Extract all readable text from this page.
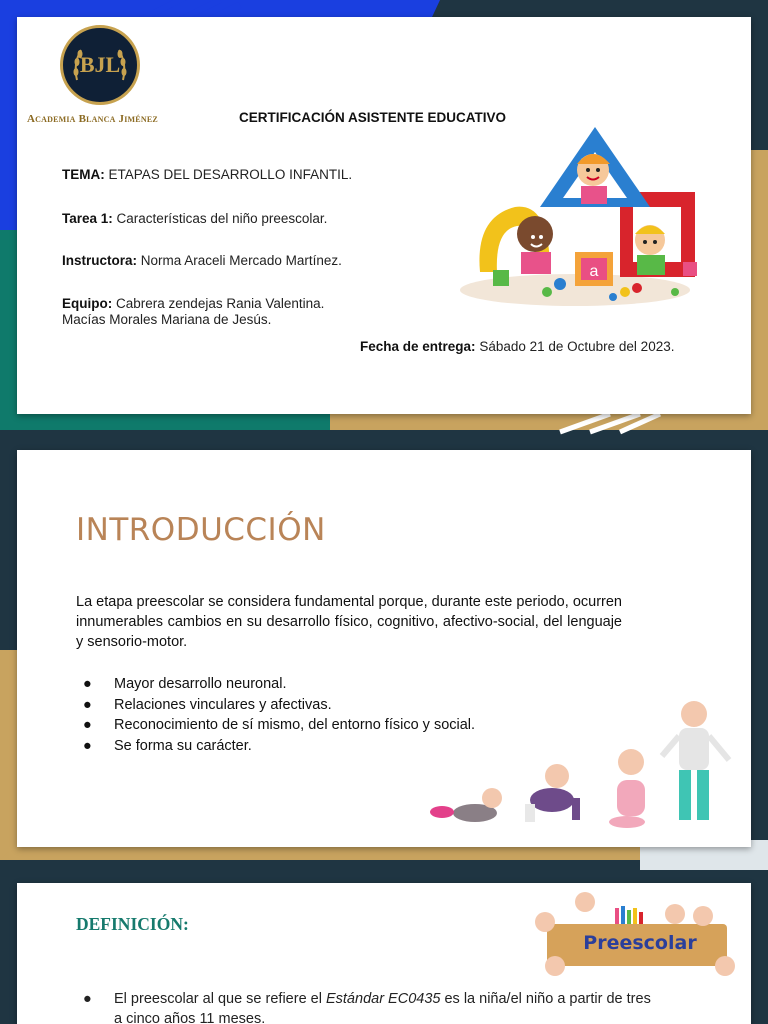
BJL
Academia Blanca Jiménez	CERTIFICACIÓN ASISTENTE EDUCATIVO
TEMA: ETAPAS DEL DESARROLLO INFANTIL.
Tarea 1: Características del niño preescolar.
Instructora: Norma Araceli Mercado Martínez.
Equipo: Cabrera zendejas Rania Valentina.
Macías Morales Mariana de Jesús.
Fecha de entrega: Sábado 21 de Octubre del 2023.
a
INTRODUCCIÓN

La etapa preescolar se considera fundamental porque, durante este periodo, ocurren innumerables cambios en su desarrollo físico, cognitivo, afectivo-social, del lenguaje y sensorio-motor.

●	Mayor desarrollo neuronal.
●	Relaciones vinculares y afectivas.
●	Reconocimiento de sí mismo, del entorno físico y social.
●	Se forma su carácter.
DEFINICIÓN:
Preescolar
● El preescolar al que se refiere el Estándar EC0435 es la niña/el niño a partir de tres
a cinco años 11 meses.
